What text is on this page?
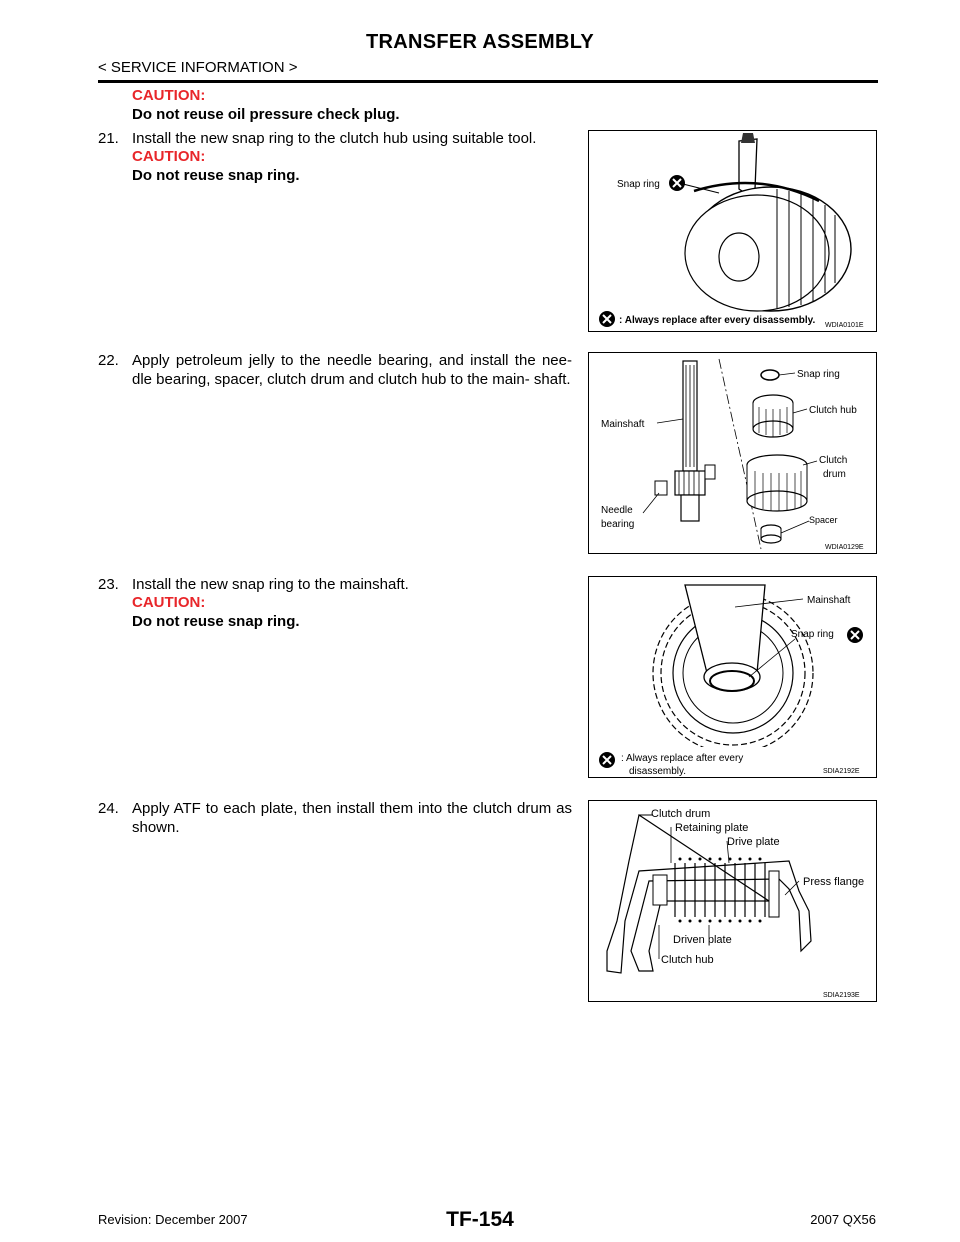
TRANSFER ASSEMBLY
< SERVICE INFORMATION >
CAUTION:
Do not reuse oil pressure check plug.
21. Install the new snap ring to the clutch hub using suitable tool.
CAUTION:
Do not reuse snap ring.
Snap ring
: Always replace after every disassembly. WDIA0101E
22. Apply petroleum jelly to the needle bearing, and install the nee- dle bearing, spacer, clutch drum and clutch hub to the main- shaft.
Mainshaft
Needle
bearing
Snap ring
Clutch hub
Clutch
drum
Spacer
WDIA0129E
23. Install the new snap ring to the mainshaft.
CAUTION:
Do not reuse snap ring.
Mainshaft
Snap ring
: Always replace after every
disassembly.	SDIA2192E
24. Apply ATF to each plate, then install them into the clutch drum as shown.
Clutch drum
Retaining plate
Drive plate
Press flange
Driven plate
Clutch hub
SDIA2193E
Revision: December 2007	TF-154	2007 QX56
